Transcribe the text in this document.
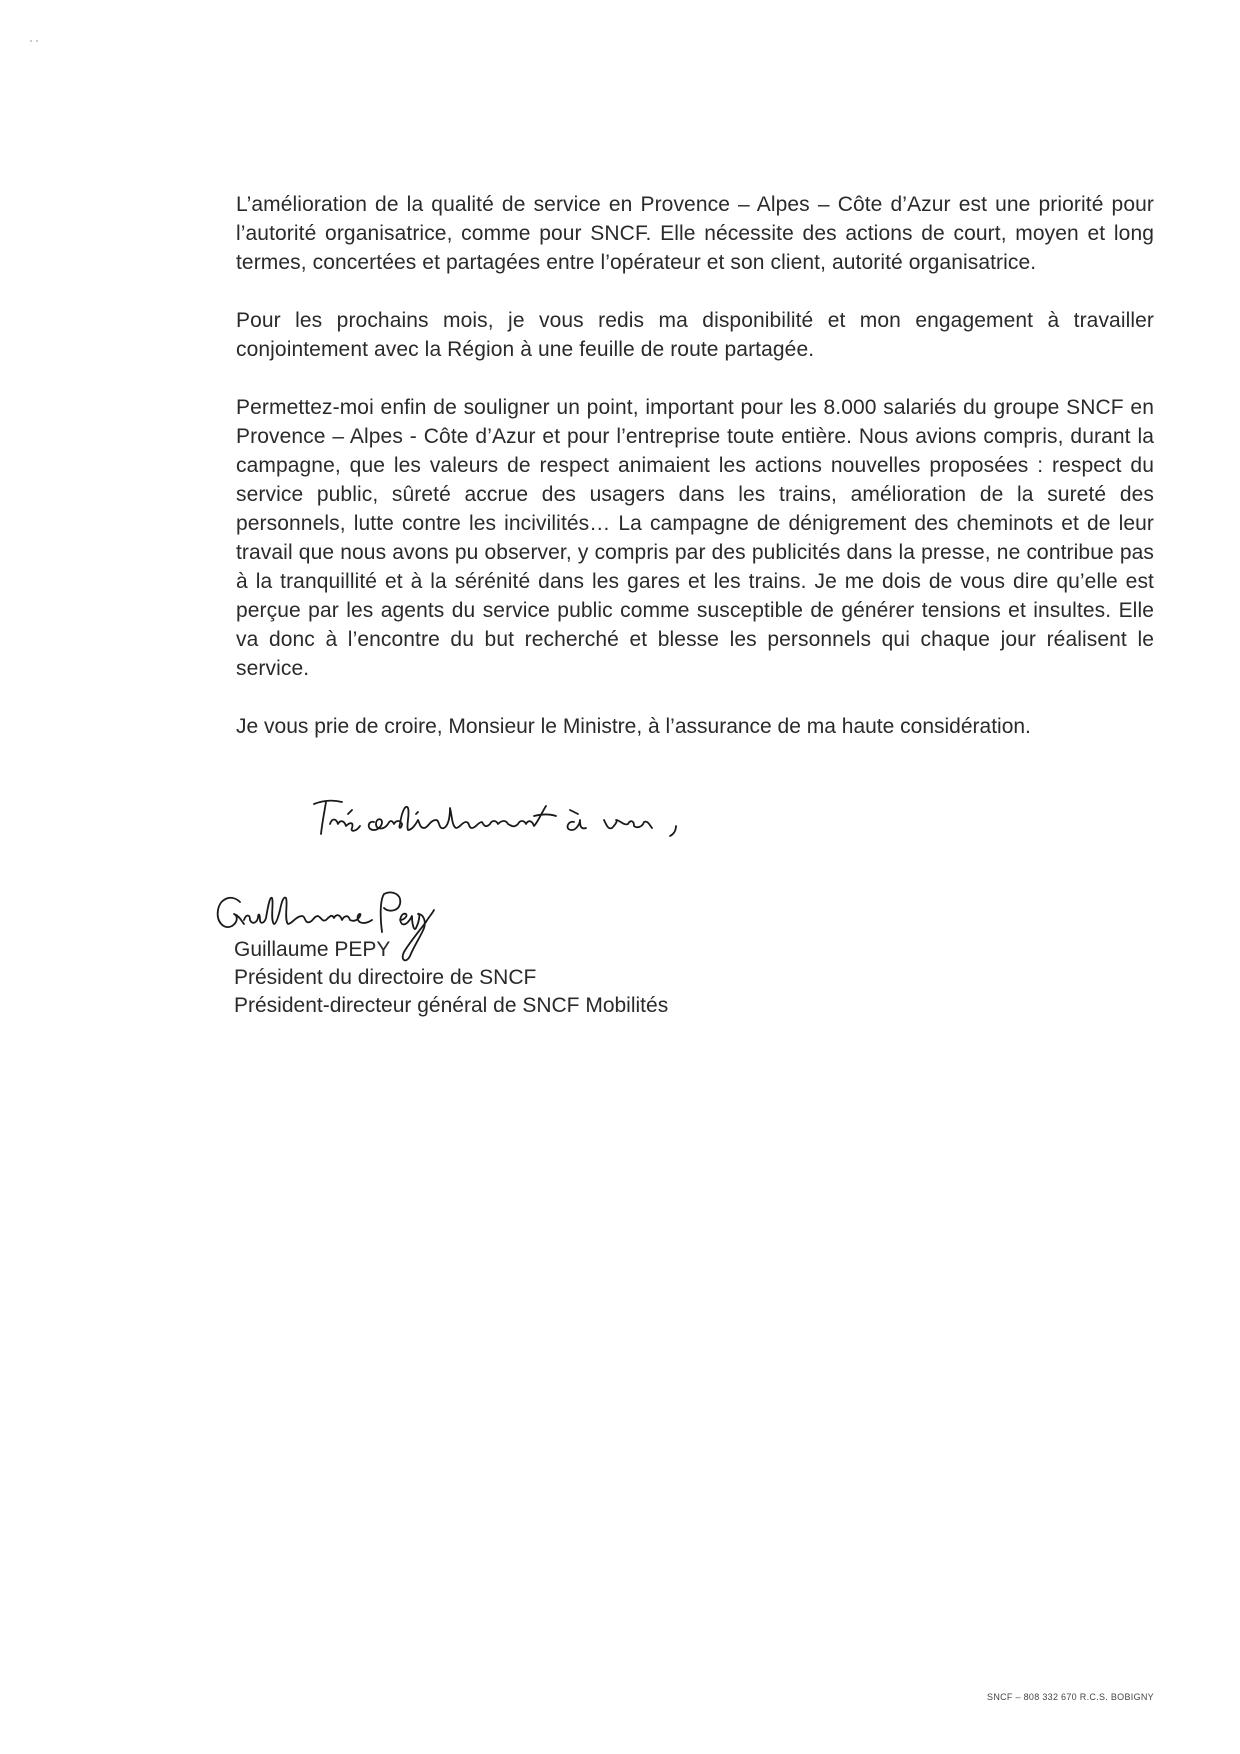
L’amélioration de la qualité de service en Provence – Alpes – Côte d’Azur est une priorité pour l’autorité organisatrice, comme pour SNCF. Elle nécessite des actions de court, moyen et long termes, concertées et partagées entre l’opérateur et son client, autorité organisatrice.

Pour les prochains mois, je vous redis ma disponibilité et mon engagement à travailler conjointement avec la Région à une feuille de route partagée.

Permettez-moi enfin de souligner un point, important pour les 8.000 salariés du groupe SNCF en Provence – Alpes - Côte d’Azur et pour l’entreprise toute entière. Nous avions compris, durant la campagne, que les valeurs de respect animaient les actions nouvelles proposées : respect du service public, sûreté accrue des usagers dans les trains, amélioration de la sureté des personnels, lutte contre les incivilités… La campagne de dénigrement des cheminots et de leur travail que nous avons pu observer, y compris par des publicités dans la presse, ne contribue pas à la tranquillité et à la sérénité dans les gares et les trains. Je me dois de vous dire qu’elle est perçue par les agents du service public comme susceptible de générer tensions et insultes. Elle va donc à l’encontre du but recherché et blesse les personnels qui chaque jour réalisent le service.

Je vous prie de croire, Monsieur le Ministre, à l’assurance de ma haute considération.

Guillaume PEPY
Président du directoire de SNCF
Président-directeur général de SNCF Mobilités
SNCF – 808 332 670 R.C.S. BOBIGNY
